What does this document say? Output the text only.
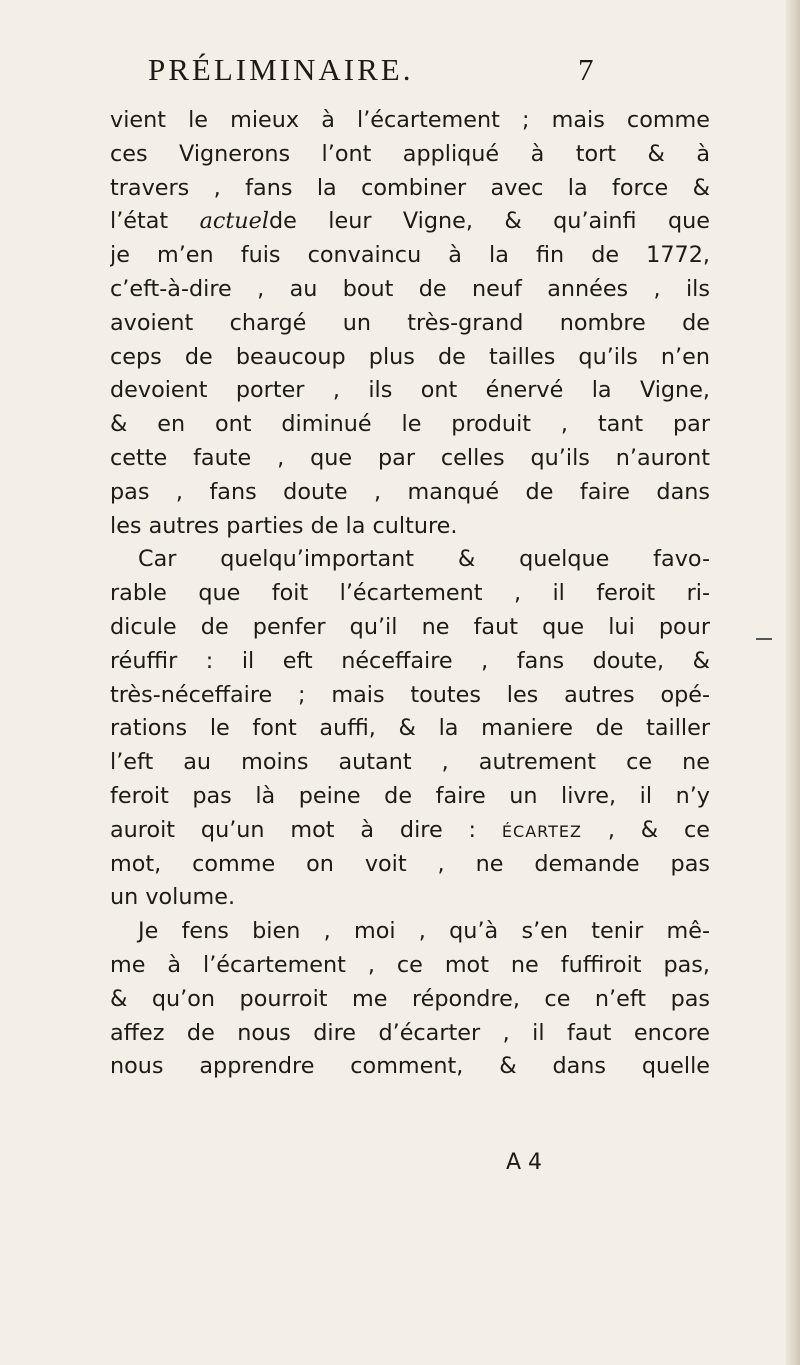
PRÉLIMINAIRE.	7
vient le mieux à l’écartement ; mais comme
ces Vignerons l’ont appliqué à tort & à
travers , fans la combiner avec la force &
l’état actuelde leur Vigne, & qu’ainfi que
je m’en fuis convaincu à la fin de 1772,
c’eft-à-dire , au bout de neuf années , ils
avoient chargé un très-grand nombre de
ceps de beaucoup plus de tailles qu’ils n’en
devoient porter , ils ont énervé la Vigne,
& en ont diminué le produit , tant par
cette faute , que par celles qu’ils n’auront
pas , fans doute , manqué de faire dans
les autres parties de la culture.
Car quelqu’important & quelque favo-
rable que foit l’écartement , il feroit ri-
dicule de penfer qu’il ne faut que lui pour
réuffir : il eft néceffaire , fans doute, &
très-néceffaire ; mais toutes les autres opé-
rations le font auffi, & la maniere de tailler
l’eft au moins autant , autrement ce ne
feroit pas là peine de faire un livre, il n’y
auroit qu’un mot à dire : écartez , & ce
mot, comme on voit , ne demande pas
un volume.
Je fens bien , moi , qu’à s’en tenir mê-
me à l’écartement , ce mot ne fuffiroit pas,
& qu’on pourroit me répondre, ce n’eft pas
affez de nous dire d’écarter , il faut encore
nous apprendre comment, & dans quelle
A 4
